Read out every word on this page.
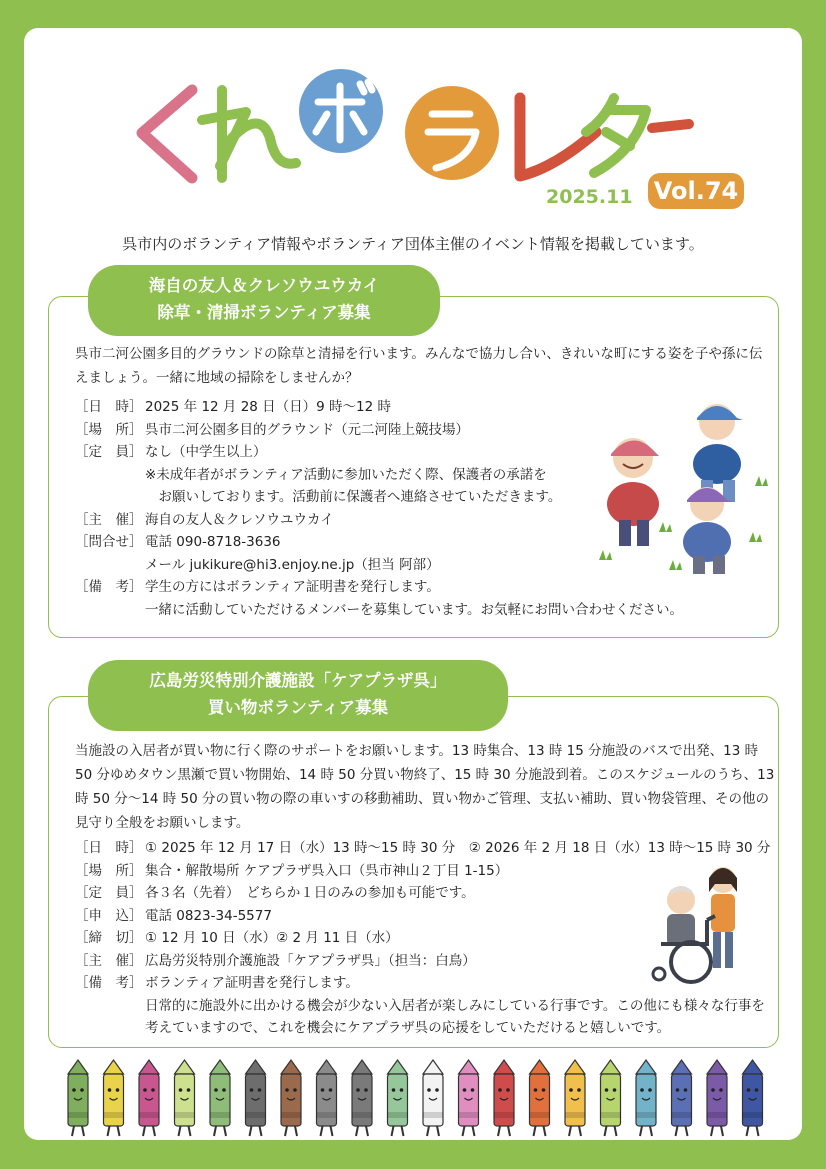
2025.11 Vol.74
呉市内のボランティア情報やボランティア団体主催のイベント情報を掲載しています。
呉市二河公園多目的グラウンドの除草と清掃を行います。みんなで協力し合い、きれいな町にする姿を子や孫に伝えましょう。一緒に地域の掃除をしませんか？
［日　時］ 2025 年 12 月 28 日（日）9 時〜12 時
［場　所］ 呉市二河公園多目的グラウンド（元二河陸上競技場）
［定　員］ なし（中学生以上）
※未成年者がボランティア活動に参加いただく際、保護者の承諾を
　お願いしております。活動前に保護者へ連絡させていただきます。
［主　催］ 海自の友人＆クレソウユウカイ
［問合せ］ 電話 090-8718-3636
メール jukikure@hi3.enjoy.ne.jp（担当 阿部）
［備　考］ 学生の方にはボランティア証明書を発行します。
一緒に活動していただけるメンバーを募集しています。お気軽にお問い合わせください。
海自の友人＆クレソウユウカイ
除草・清掃ボランティア募集
当施設の入居者が買い物に行く際のサポートをお願いします。13 時集合、13 時 15 分施設のバスで出発、13 時 50 分ゆめタウン黒瀬で買い物開始、14 時 50 分買い物終了、15 時 30 分施設到着。このスケジュールのうち、13 時 50 分〜14 時 50 分の買い物の際の車いすの移動補助、買い物かご管理、支払い補助、買い物袋管理、その他の見守り全般をお願いします。
［日　時］ ① 2025 年 12 月 17 日（水）13 時〜15 時 30 分　② 2026 年 2 月 18 日（水）13 時〜15 時 30 分
［場　所］ 集合・解散場所 ケアプラザ呉入口（呉市神山２丁目 1-15）
［定　員］ 各３名（先着）　どちらか１日のみの参加も可能です。
［申　込］ 電話 0823-34-5577
［締　切］ ① 12 月 10 日（水）② 2 月 11 日（水）
［主　催］ 広島労災特別介護施設「ケアプラザ呉」（担当：白鳥）
［備　考］ ボランティア証明書を発行します。
日常的に施設外に出かける機会が少ない入居者が楽しみにしている行事です。この他にも様々な行事を考えていますので、これを機会にケアプラザ呉の応援をしていただけると嬉しいです。
広島労災特別介護施設「ケアプラザ呉」
買い物ボランティア募集
